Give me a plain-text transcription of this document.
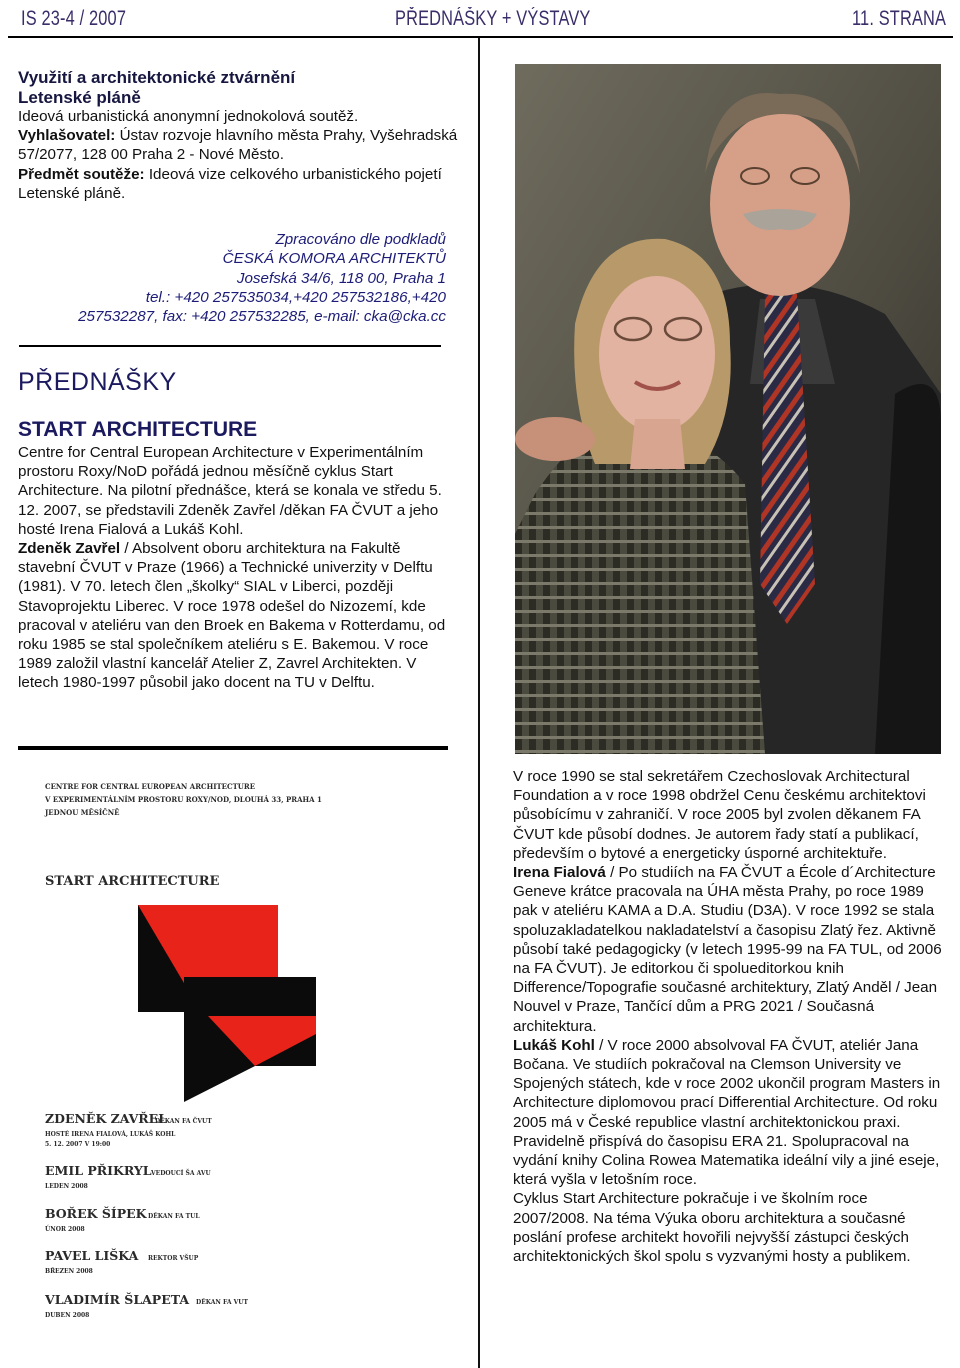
IS 23-4 / 2007	PŘEDNÁŠKY + VÝSTAVY	11. STRANA
Využití a architektonické ztvárnění
Letenské pláně

Ideová urbanistická anonymní jednokolová soutěž.

Vyhlašovatel: Ústav rozvoje hlavního města Prahy, Vyšehradská 57/2077, 128 00 Praha 2 - Nové Město.

Předmět soutěže: Ideová vize celkového urbanistického pojetí Letenské pláně.

Zpracováno dle podkladů
ČESKÁ KOMORA ARCHITEKTŮ
Josefská 34/6, 118 00, Praha 1
tel.: +420 257535034,+420 257532186,+420
257532287, fax: +420 257532285, e-mail: cka@cka.cc
PŘEDNÁŠKY
START ARCHITECTURE

Centre for Central European Architecture v Experimentálním prostoru Roxy/NoD pořádá jednou měsíčně cyklus Start Architecture. Na pilotní přednášce, která se konala ve středu 5. 12. 2007, se představili Zdeněk Zavřel /děkan FA ČVUT a jeho hosté Irena Fialová a Lukáš Kohl.

Zdeněk Zavřel / Absolvent oboru architektura na Fakultě stavební ČVUT v Praze (1966) a Technické univerzity v Delftu (1981). V 70. letech člen „školky“ SIAL v Liberci, později Stavoprojektu Liberec. V roce 1978 odešel do Nizozemí, kde pracoval v ateliéru van den Broek en Bakema v Rotterdamu, od roku 1985 se stal společníkem ateliéru s E. Bakemou. V roce 1989 založil vlastní kancelář Atelier Z, Zavrel Architekten. V letech 1980-1997 působil jako docent na TU v Delftu.

CENTRE FOR CENTRAL EUROPEAN ARCHITECTURE
V EXPERIMENTÁLNÍM PROSTORU ROXY/NOD, DLOUHÁ 33, PRAHA 1
JEDNOU MĚSÍČNĚ
START ARCHITECTURE
ZDENĚK ZAVŘEL
DĚKAN FA ČVUT
HOSTÉ IRENA FIALOVÁ, LUKÁŠ KOHL
5. 12. 2007 V 19:00
EMIL PŘIKRYL VEDOUCÍ ŠA AVU
LEDEN 2008
BOŘEK ŠÍPEK DĚKAN FA TUL
ÚNOR 2008
PAVEL LIŠKA REKTOR VŠUP
BŘEZEN 2008
VLADIMÍR ŠLAPETA DĚKAN FA VUT
DUBEN 2008

V roce 1990 se stal sekretářem Czechoslovak Architectural Foundation a v roce 1998 obdržel Cenu českému architektovi působícímu v zahraničí. V roce 2005 byl zvolen děkanem FA ČVUT kde působí dodnes. Je autorem řady statí a publikací, především o bytové a energeticky úsporné architektuře.

Irena Fialová / Po studiích na FA ČVUT a École d´Architecture Geneve krátce pracovala na ÚHA města Prahy, po roce 1989 pak v ateliéru KAMA a D.A. Studiu (D3A). V roce 1992 se stala spoluzakladatelkou nakladatelství a časopisu Zlatý řez. Aktivně působí také pedagogicky (v letech 1995-99 na FA TUL, od 2006 na FA ČVUT). Je editorkou či spolueditorkou knih Difference/Topografie současné architektury, Zlatý Anděl / Jean Nouvel v Praze, Tančící dům a PRG 2021 / Současná architektura.

Lukáš Kohl / V roce 2000 absolvoval FA ČVUT, ateliér Jana Bočana. Ve studiích pokračoval na Clemson University ve Spojených státech, kde v roce 2002 ukončil program Masters in Architecture diplomovou prací Differential Architecture. Od roku 2005 má v České republice vlastní architektonickou praxi. Pravidelně přispívá do časopisu ERA 21. Spolupracoval na vydání knihy Colina Rowea Matematika ideální vily a jiné eseje, která vyšla v letošním roce.

Cyklus Start Architecture pokračuje i ve školním roce 2007/2008. Na téma Výuka oboru architektura a současné poslání profese architekt hovořili nejvyšší zástupci českých architektonických škol spolu s vyzvanými hosty a publikem.
